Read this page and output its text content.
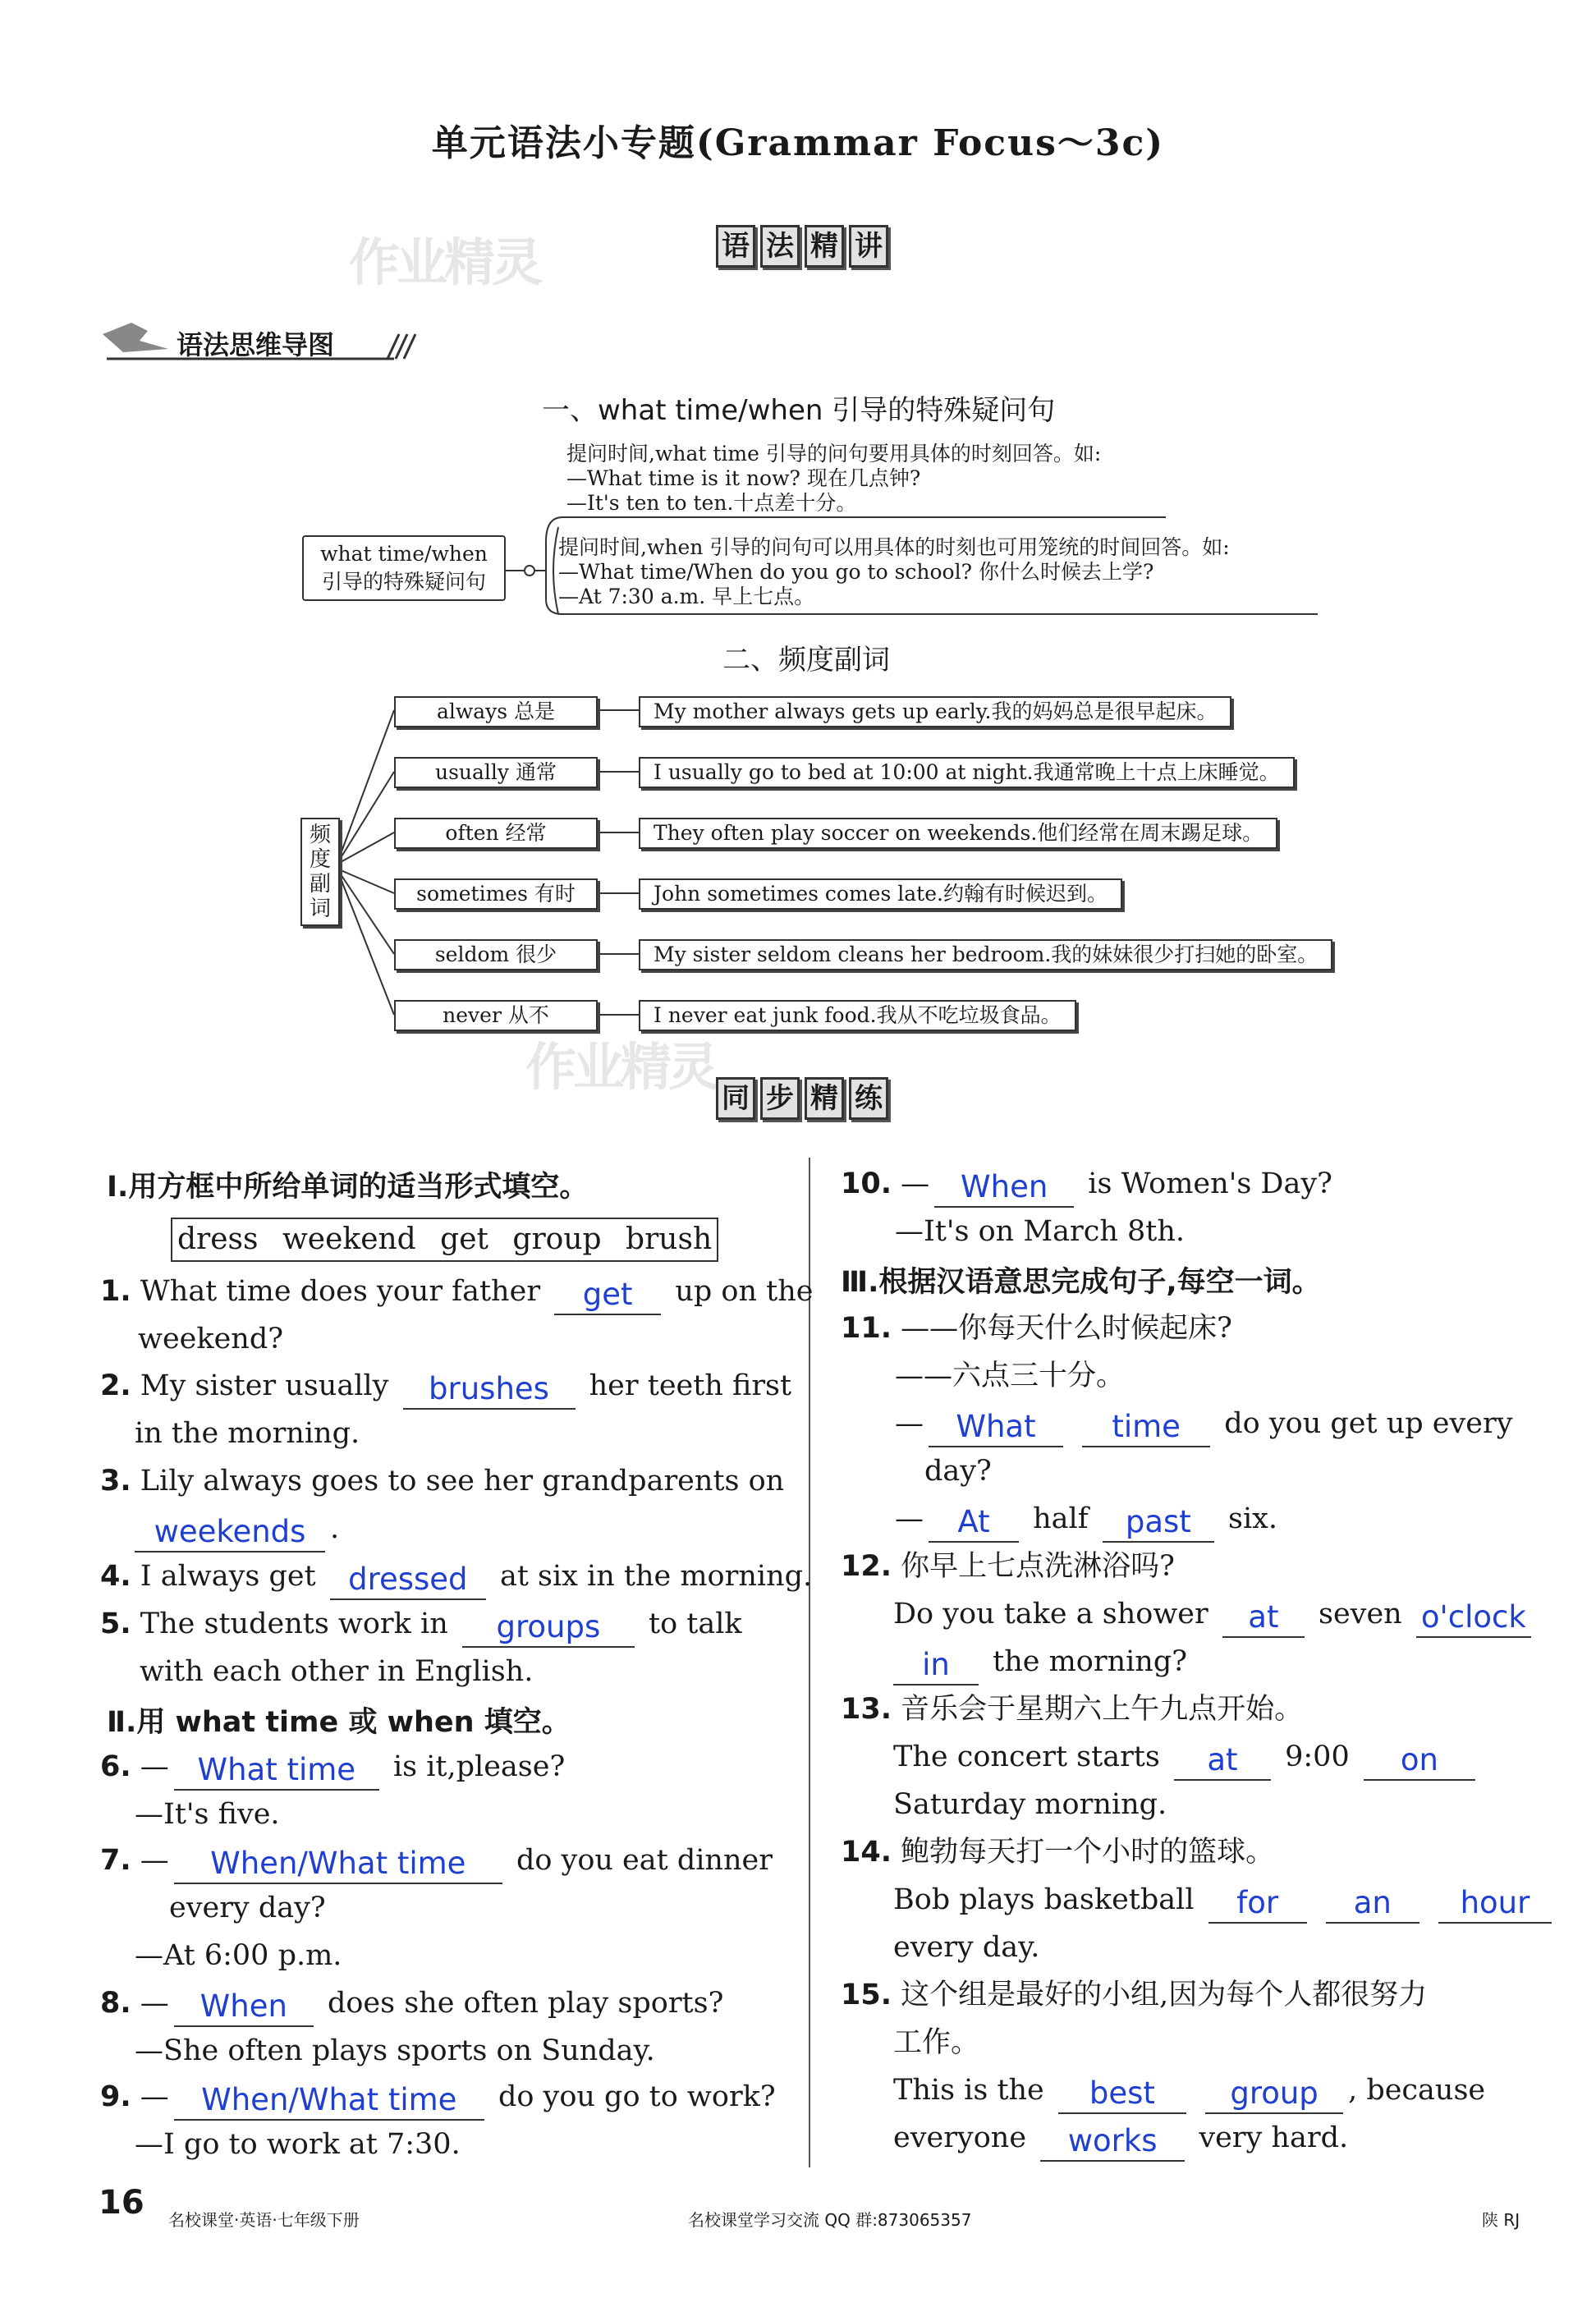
单元语法小专题(Grammar Focus～3c)
作业精灵
作业精灵
语 法 精 讲
语法思维导图
一、what time/when 引导的特殊疑问句
what time/when
引导的特殊疑问句
提问时间,what time 引导的问句要用具体的时刻回答。如:
—What time is it now? 现在几点钟?
—It's ten to ten.十点差十分。
提问时间,when 引导的问句可以用具体的时刻也可用笼统的时间回答。如:
—What time/When do you go to school? 你什么时候去上学?
—At 7:30 a.m. 早上七点。
二、频度副词
频
度
副
词
always 总是	My mother always gets up early.我的妈妈总是很早起床。
usually 通常	I usually go to bed at 10:00 at night.我通常晚上十点上床睡觉。
often 经常	They often play soccer on weekends.他们经常在周末踢足球。
sometimes 有时	John sometimes comes late.约翰有时候迟到。
seldom 很少	My sister seldom cleans her bedroom.我的妹妹很少打扫她的卧室。
never 从不	I never eat junk food.我从不吃垃圾食品。
同 步 精 练
Ⅰ.用方框中所给单词的适当形式填空。
dress weekend get group brush
1. What time does your father get up on the
weekend?
2. My sister usually brushes her teeth first
in the morning.
3. Lily always goes to see her grandparents on
weekends .
4. I always get dressed at six in the morning.
5. The students work in groups to talk
with each other in English.
Ⅱ.用 what time 或 when 填空。
6. — What time is it,please?
—It's five.
7. — When/What time do you eat dinner
every day?
—At 6:00 p.m.
8. — When does she often play sports?
—She often plays sports on Sunday.
9. — When/What time do you go to work?
—I go to work at 7:30.
10. — When is Women's Day?
—It's on March 8th.
Ⅲ.根据汉语意思完成句子,每空一词。
11. ——你每天什么时候起床?
——六点三十分。
— What	time do you get up every
day?
— At half past six.
12. 你早上七点洗淋浴吗?
Do you take a shower at seven o'clock
in the morning?
13. 音乐会于星期六上午九点开始。
The concert starts at 9:00 on
Saturday morning.
14. 鲍勃每天打一个小时的篮球。
Bob plays basketball for an hour
every day.
15. 这个组是最好的小组,因为每个人都很努力
工作。
This is the best group , because
everyone works very hard.
16 名校课堂·英语·七年级下册	名校课堂学习交流 QQ 群:873065357	陕 RJ
